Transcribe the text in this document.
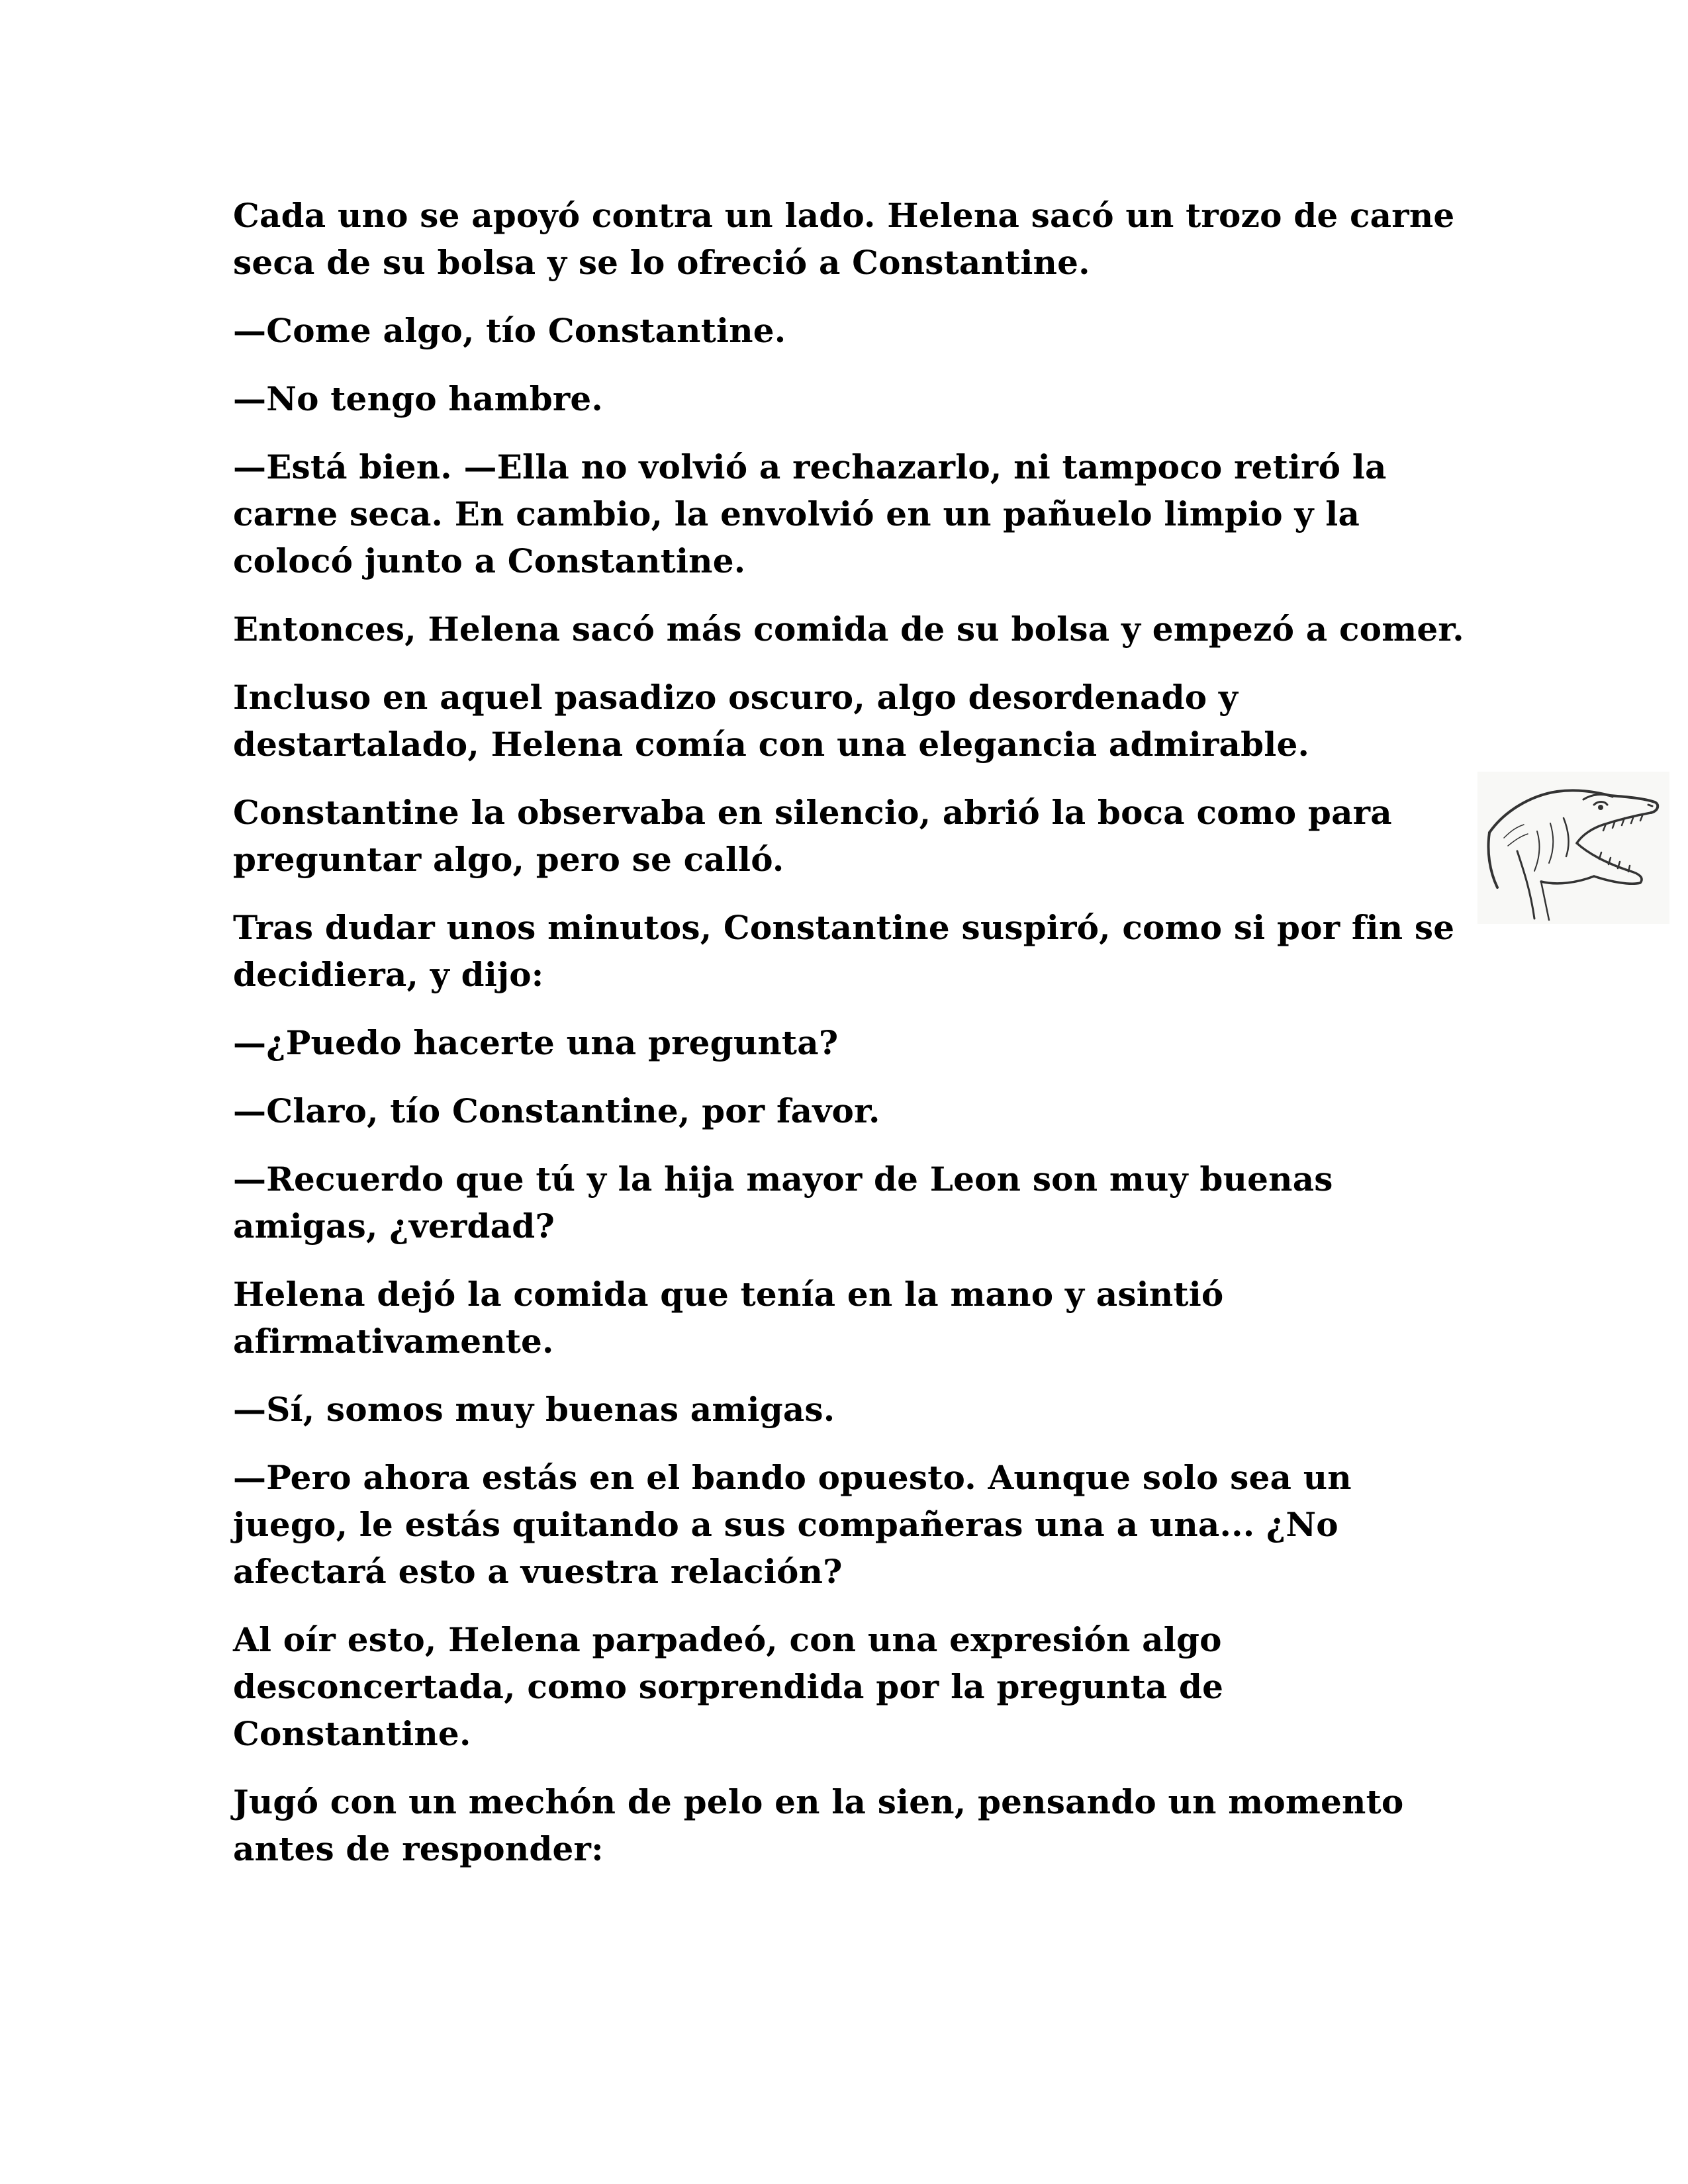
Cada uno se apoyó contra un lado. Helena sacó un trozo de carne seca de su bolsa y se lo ofreció a Constantine.

—Come algo, tío Constantine.

—No tengo hambre.

—Está bien. —Ella no volvió a rechazarlo, ni tampoco retiró la carne seca. En cambio, la envolvió en un pañuelo limpio y la colocó junto a Constantine.

Entonces, Helena sacó más comida de su bolsa y empezó a comer.

Incluso en aquel pasadizo oscuro, algo desordenado y destartalado, Helena comía con una elegancia admirable.

Constantine la observaba en silencio, abrió la boca como para preguntar algo, pero se calló.

Tras dudar unos minutos, Constantine suspiró, como si por fin se decidiera, y dijo:

—¿Puedo hacerte una pregunta?

—Claro, tío Constantine, por favor.

—Recuerdo que tú y la hija mayor de Leon son muy buenas amigas, ¿verdad?

Helena dejó la comida que tenía en la mano y asintió afirmativamente.

—Sí, somos muy buenas amigas.

—Pero ahora estás en el bando opuesto. Aunque solo sea un juego, le estás quitando a sus compañeras una a una... ¿No afectará esto a vuestra relación?

Al oír esto, Helena parpadeó, con una expresión algo desconcertada, como sorprendida por la pregunta de Constantine.

Jugó con un mechón de pelo en la sien, pensando un momento antes de responder:
